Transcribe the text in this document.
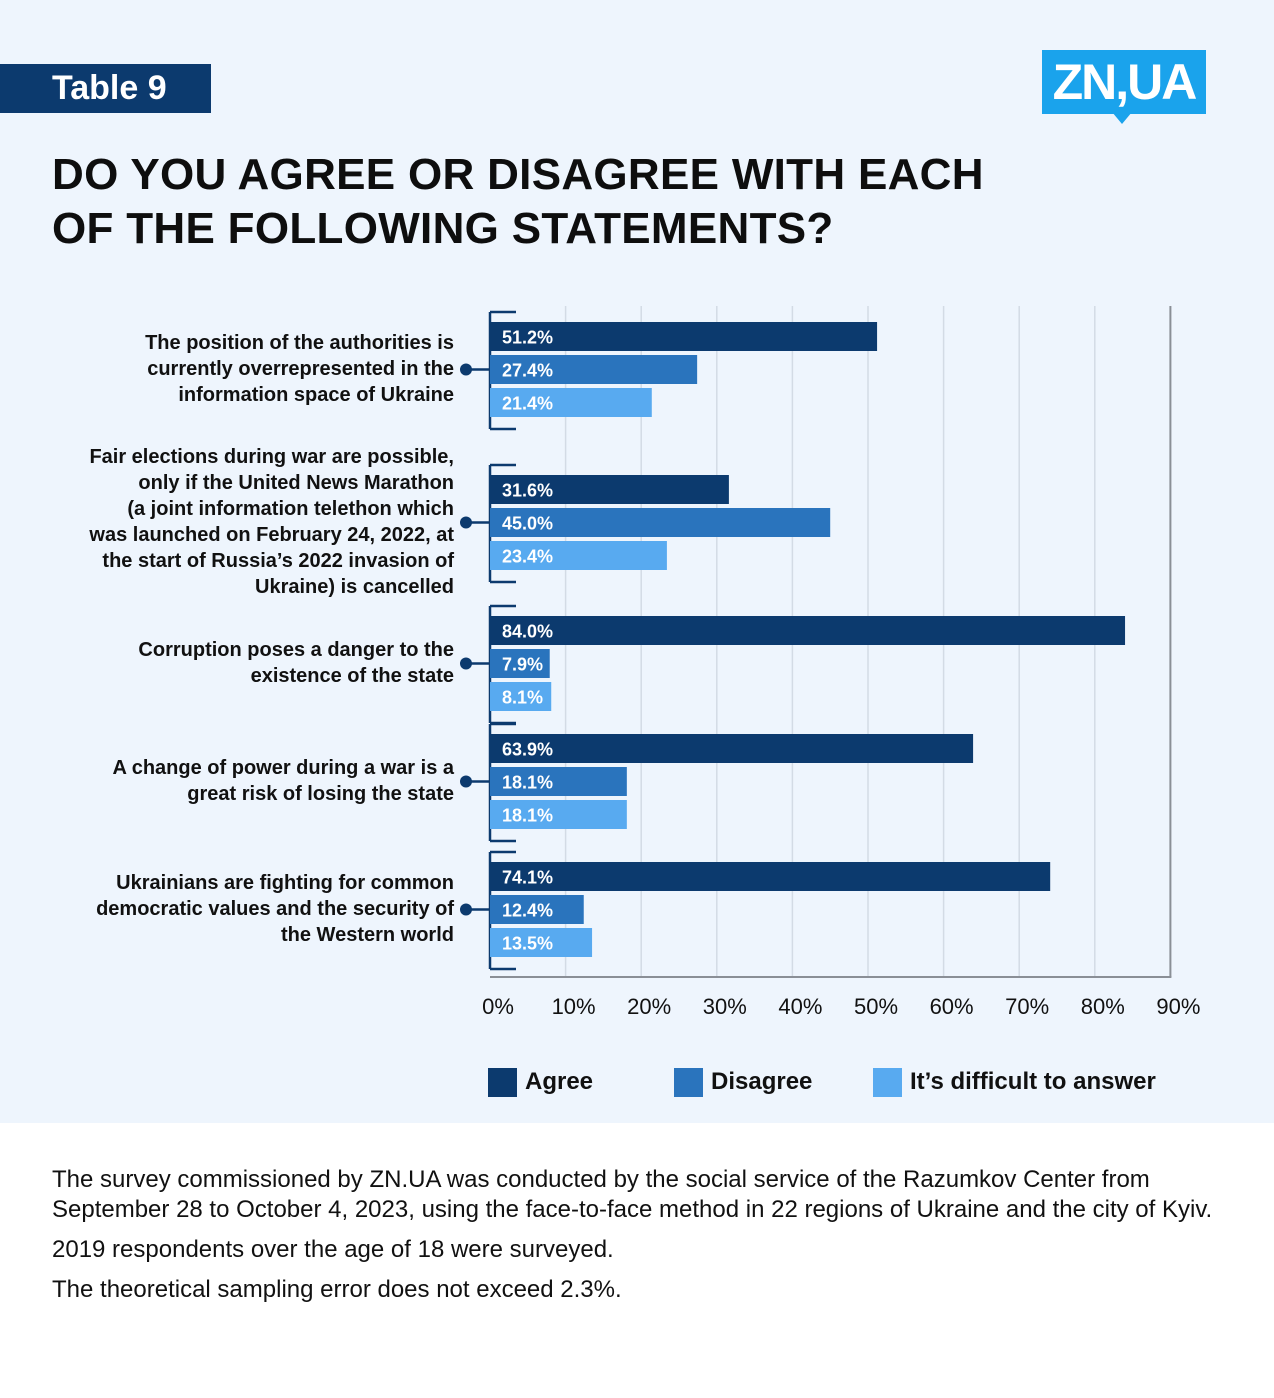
Table 9	ZN,UA
DO YOU AGREE OR DISAGREE WITH EACH
OF THE FOLLOWING STATEMENTS?
0% 10% 20% 30% 40% 50% 60% 70% 80% 90%
51.2%
27.4%
21.4%
31.6%
45.0%
23.4%
84.0%
7.9%
8.1%
63.9%
18.1%
18.1%
74.1%
12.4%
13.5%
The position of the authorities is
currently overrepresented in the
information space of Ukraine
Fair elections during war are possible,
only if the United News Marathon
(a joint information telethon which
was launched on February 24, 2022, at
the start of Russia’s 2022 invasion of
Ukraine) is cancelled
Corruption poses a danger to the
existence of the state
A change of power during a war is a
great risk of losing the state
Ukrainians are fighting for common
democratic values and the security of
the Western world
Agree	Disagree	It’s difficult to answer

The survey commissioned by ZN.UA was conducted by the social service of the Razumkov Center from September 28 to October 4, 2023, using the face-to-face method in 22 regions of Ukraine and the city of Kyiv.

2019 respondents over the age of 18 were surveyed.

The theoretical sampling error does not exceed 2.3%.
